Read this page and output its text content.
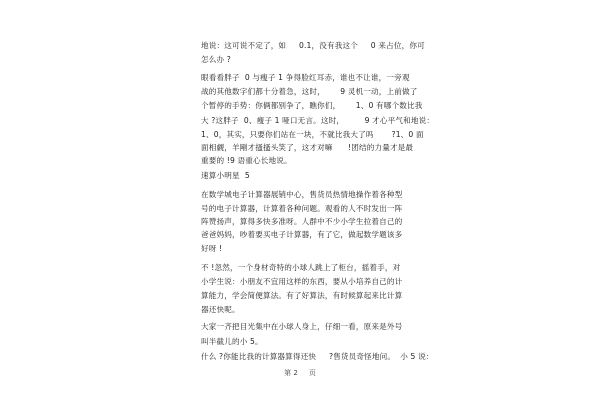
地说：这可说不定了，如     0.1，没有我这个     0 来占位，你可
怎么办 ?
眼看看胖子  0 与瘦子 1 争得脸红耳赤，谁也不让谁，一旁观
战的其他数字们都十分着急，这时，      9 灵机一动，上前做了
个暂停的手势：你俩都别争了，瞧你们，      1、0 有哪个数比我
大 ?这胖子  0、瘦子 1 哑口无言。这时，        9 才心平气和地说：
1、0，其实，只要你们站在一块，不就比我大了吗       ?1、0 面
面相觑，羊剛才搔搔头笑了，这才对嘛      !团结的力量才是最
重要的 !9 语重心长地说。
速算小明星  5
在数学城电子计算器展销中心，售货员热情地操作着各种型
号的电子计算器，计算着各种问题。观看的人不时发出一阵
阵赞扬声，算得多快多准呀。人群中不少小学生拉着自己的
爸爸妈妈，吵着要买电子计算器，有了它，做起数学题该多
好呀 !
不 !忽然，一个身材奇特的小球人跳上了柜台，摇着手，对
小学生说：小朋友不宜用这样的东西，要从小培养自己的计
算能力，学会简便算法。有了好算法，有时候算起来比计算
器还快呢。
大家一齐把目光集中在小球人身上，仔细一看，原来是外号
叫半截儿的小 5。
什么 ?你能比我的计算器算得还快     ?售货员奇怪地问。  小 5 说：
第 2     页
